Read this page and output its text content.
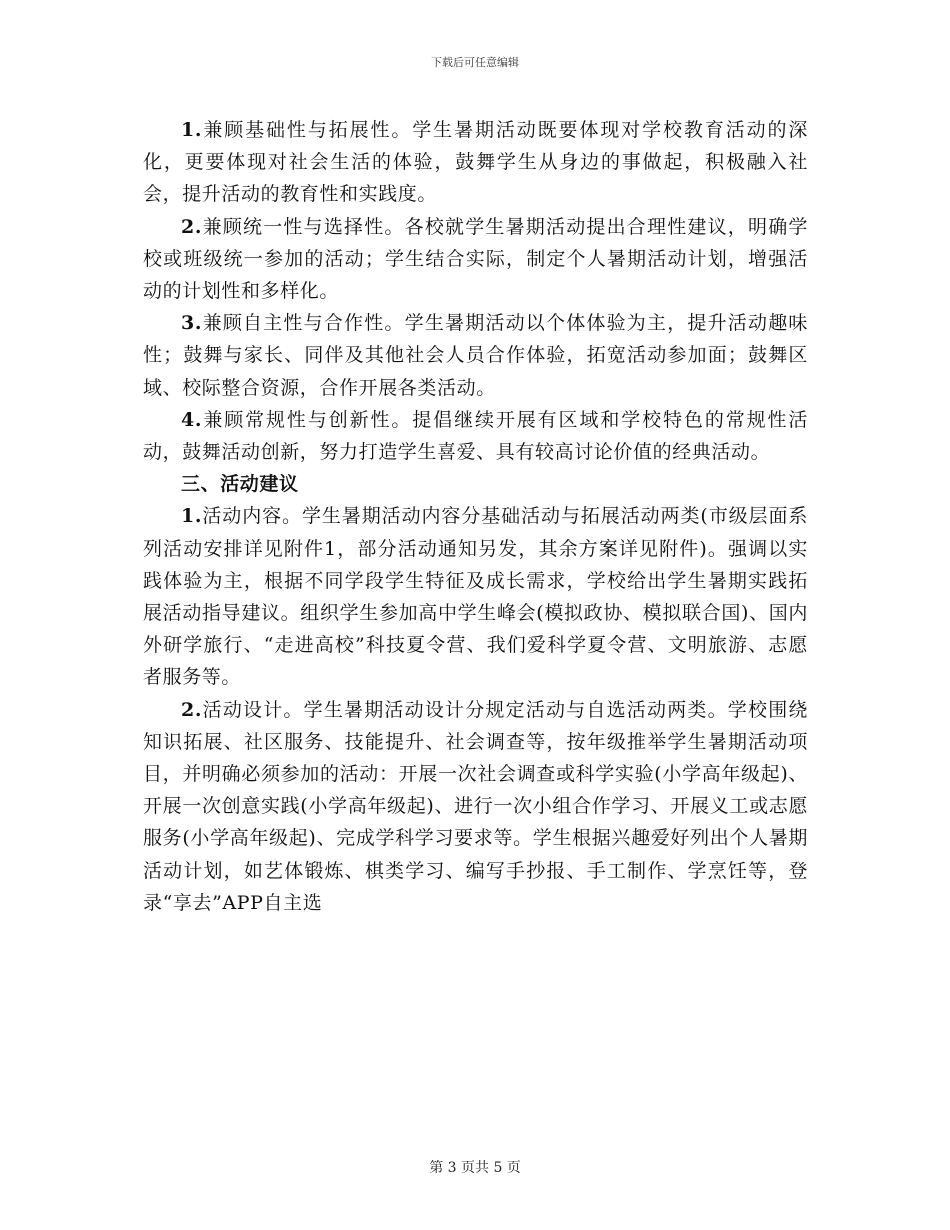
下载后可任意编辑

1.兼顾基础性与拓展性。学生暑期活动既要体现对学校教育活动的深化，更要体现对社会生活的体验，鼓舞学生从身边的事做起，积极融入社会，提升活动的教育性和实践度。

2.兼顾统一性与选择性。各校就学生暑期活动提出合理性建议，明确学校或班级统一参加的活动；学生结合实际，制定个人暑期活动计划，增强活动的计划性和多样化。

3.兼顾自主性与合作性。学生暑期活动以个体体验为主，提升活动趣味性；鼓舞与家长、同伴及其他社会人员合作体验，拓宽活动参加面；鼓舞区域、校际整合资源，合作开展各类活动。

4.兼顾常规性与创新性。提倡继续开展有区域和学校特色的常规性活动，鼓舞活动创新，努力打造学生喜爱、具有较高讨论价值的经典活动。

三、活动建议

1.活动内容。学生暑期活动内容分基础活动与拓展活动两类(市级层面系列活动安排详见附件1，部分活动通知另发，其余方案详见附件)。强调以实践体验为主，根据不同学段学生特征及成长需求，学校给出学生暑期实践拓展活动指导建议。组织学生参加高中学生峰会(模拟政协、模拟联合国)、国内外研学旅行、“走进高校”科技夏令营、我们爱科学夏令营、文明旅游、志愿者服务等。

2.活动设计。学生暑期活动设计分规定活动与自选活动两类。学校围绕知识拓展、社区服务、技能提升、社会调查等，按年级推举学生暑期活动项目，并明确必须参加的活动：开展一次社会调查或科学实验(小学高年级起)、开展一次创意实践(小学高年级起)、进行一次小组合作学习、开展义工或志愿服务(小学高年级起)、完成学科学习要求等。学生根据兴趣爱好列出个人暑期活动计划，如艺体锻炼、棋类学习、编写手抄报、手工制作、学烹饪等，登录“享去”APP自主选

第 3 页共 5 页
